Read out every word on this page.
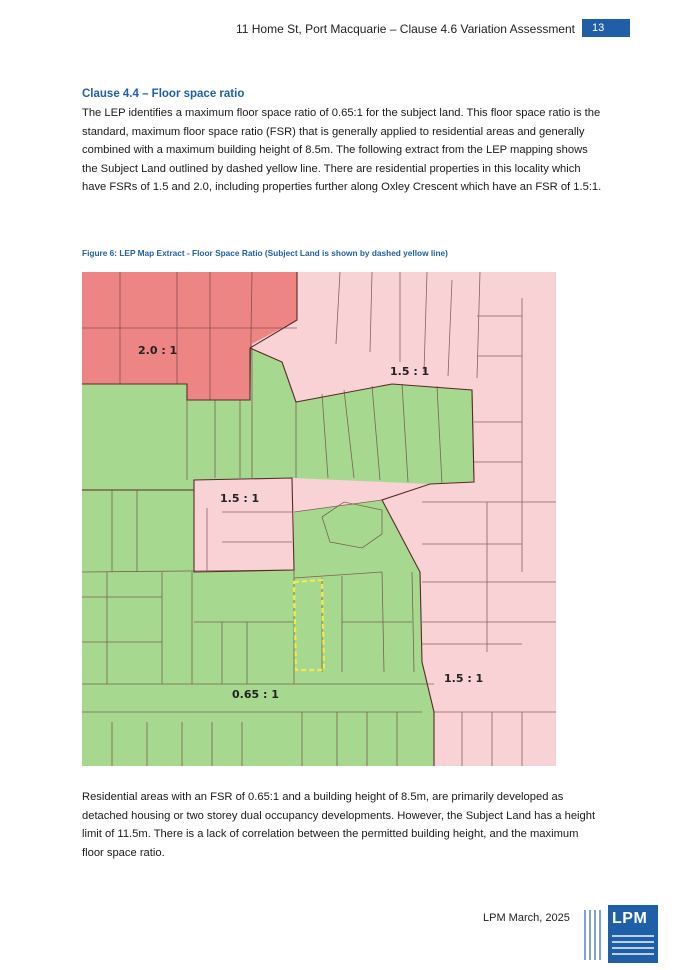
11 Home St, Port Macquarie – Clause 4.6 Variation Assessment	13
Clause 4.4 – Floor space ratio
The LEP identifies a maximum floor space ratio of 0.65:1 for the subject land. This floor space ratio is the standard, maximum floor space ratio (FSR) that is generally applied to residential areas and generally combined with a maximum building height of 8.5m. The following extract from the LEP mapping shows the Subject Land outlined by dashed yellow line. There are residential properties in this locality which have FSRs of 1.5 and 2.0, including properties further along Oxley Crescent which have an FSR of 1.5:1.
Figure 6: LEP Map Extract - Floor Space Ratio (Subject Land is shown by dashed yellow line)
2.0 : 1
1.5 : 1
1.5 : 1
1.5 : 1
0.65 : 1
Residential areas with an FSR of 0.65:1 and a building height of 8.5m, are primarily developed as detached housing or two storey dual occupancy developments. However, the Subject Land has a height limit of 11.5m. There is a lack of correlation between the permitted building height, and the maximum floor space ratio.
LPM March, 2025	LPM
